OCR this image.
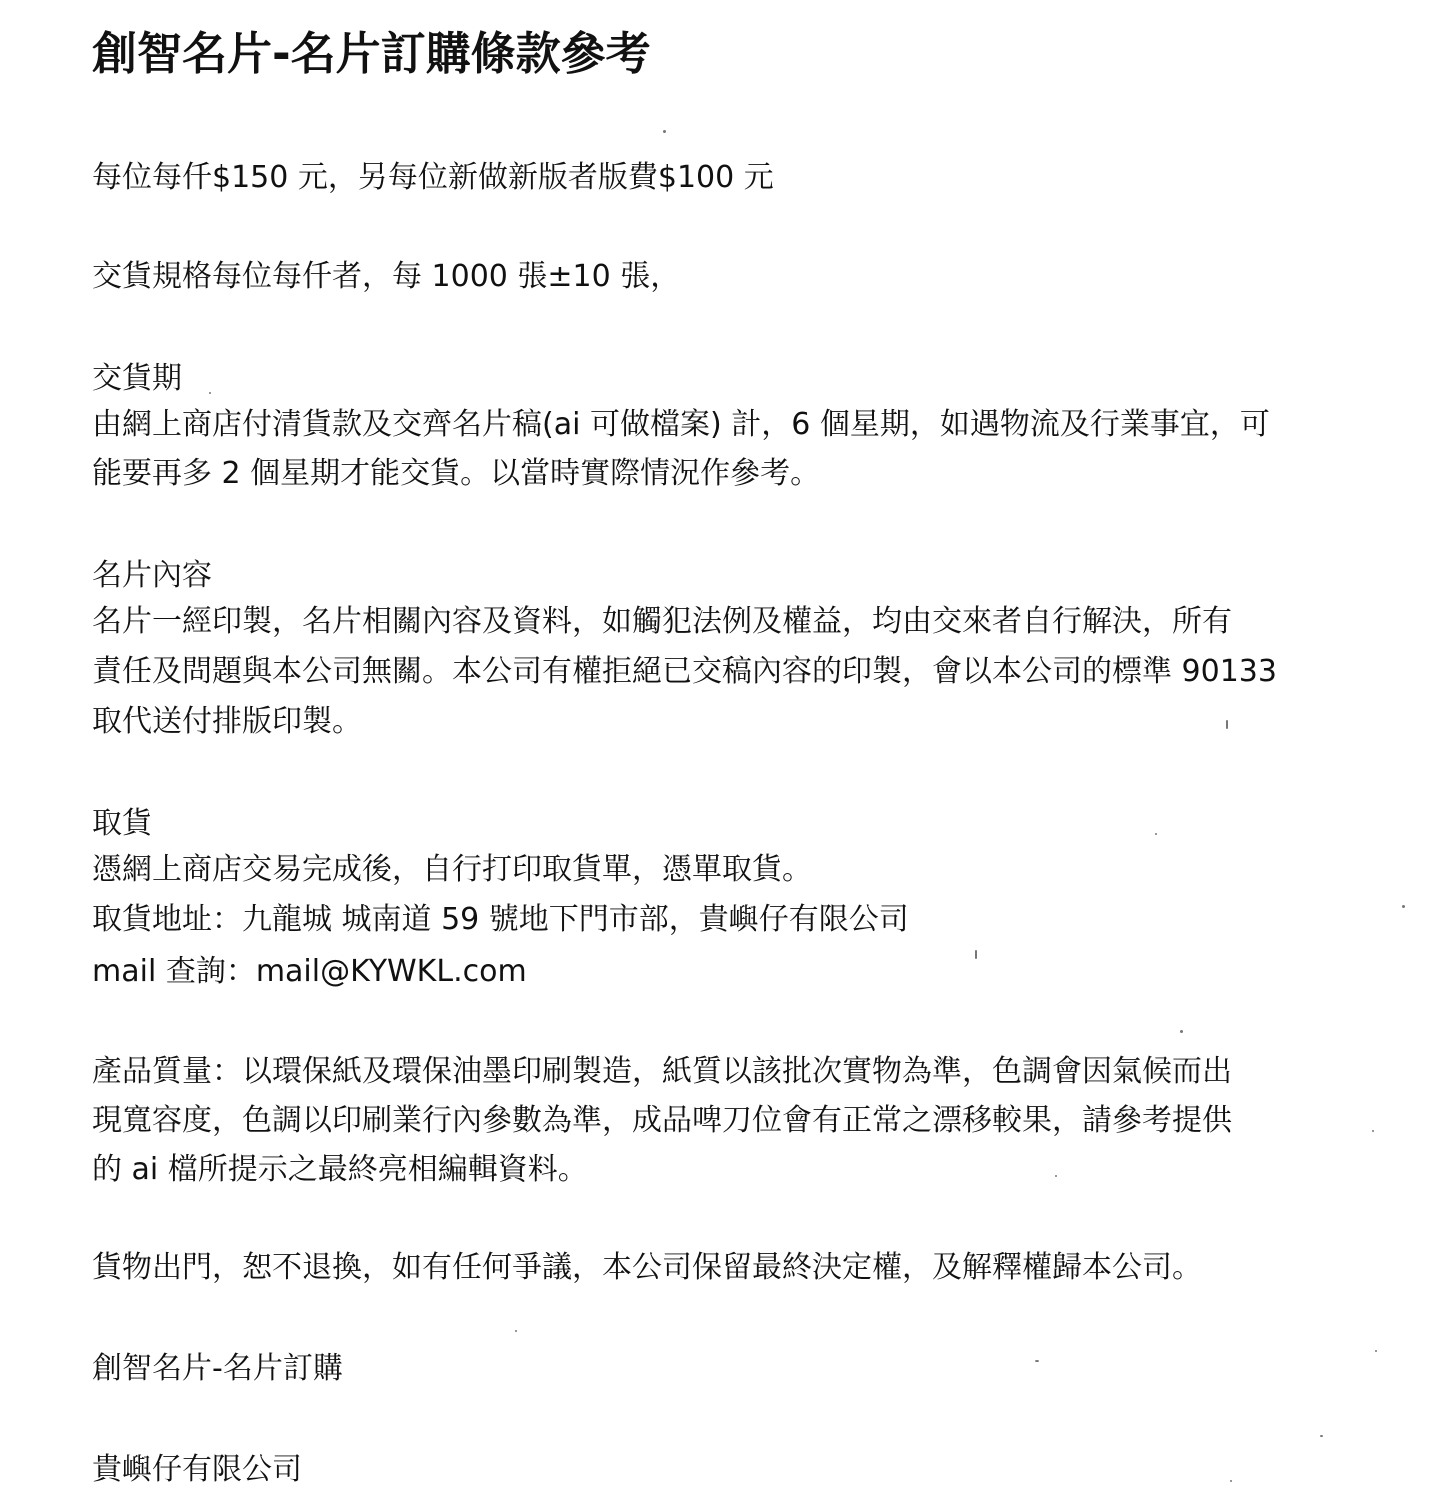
創智名片-名片訂購條款參考
每位每仟$150 元，另每位新做新版者版費$100 元
交貨規格每位每仟者，每 1000 張±10 張，
交貨期
由網上商店付清貨款及交齊名片稿(ai 可做檔案) 計，6 個星期，如遇物流及行業事宜，可
能要再多 2 個星期才能交貨。以當時實際情況作參考。
名片內容
名片一經印製，名片相關內容及資料，如觸犯法例及權益，均由交來者自行解決，所有
責任及問題與本公司無關。本公司有權拒絕已交稿內容的印製，會以本公司的標準 90133
取代送付排版印製。
取貨
憑網上商店交易完成後，自行打印取貨單，憑單取貨。
取貨地址：九龍城 城南道 59 號地下門市部，貴嶼仔有限公司
mail 查詢：mail@KYWKL.com
產品質量：以環保紙及環保油墨印刷製造，紙質以該批次實物為準，色調會因氣候而出
現寬容度，色調以印刷業行內參數為準，成品啤刀位會有正常之漂移較果，請參考提供
的 ai 檔所提示之最終亮相編輯資料。
貨物出門，恕不退換，如有任何爭議，本公司保留最終決定權，及解釋權歸本公司。
創智名片-名片訂購
貴嶼仔有限公司
